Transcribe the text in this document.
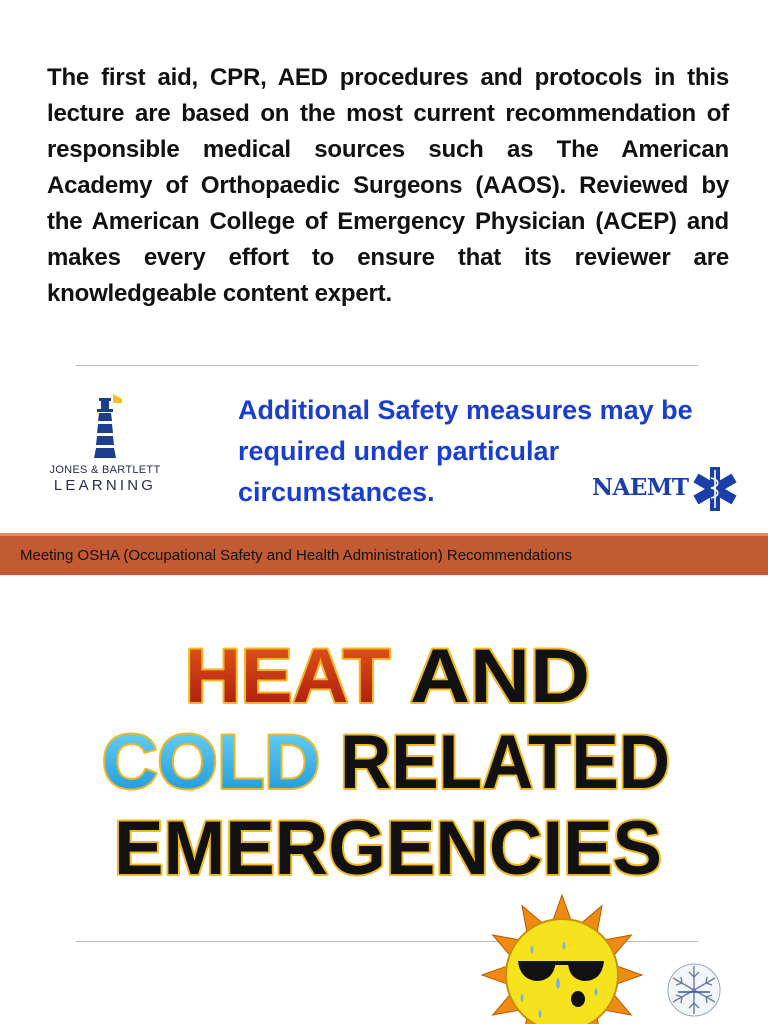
The first aid, CPR, AED procedures and protocols in this lecture are based on the most current recommendation of responsible medical sources such as The American Academy of Orthopaedic Surgeons (AAOS). Reviewed by the American College of Emergency Physician (ACEP) and makes every effort to ensure that its reviewer are knowledgeable content expert.
JONES & BARTLETT
LEARNING
Additional Safety measures may be required under particular circumstances.	NAEMT
Meeting OSHA (Occupational Safety and Health Administration) Recommendations
HEAT AND
COLD RELATED
EMERGENCIES
